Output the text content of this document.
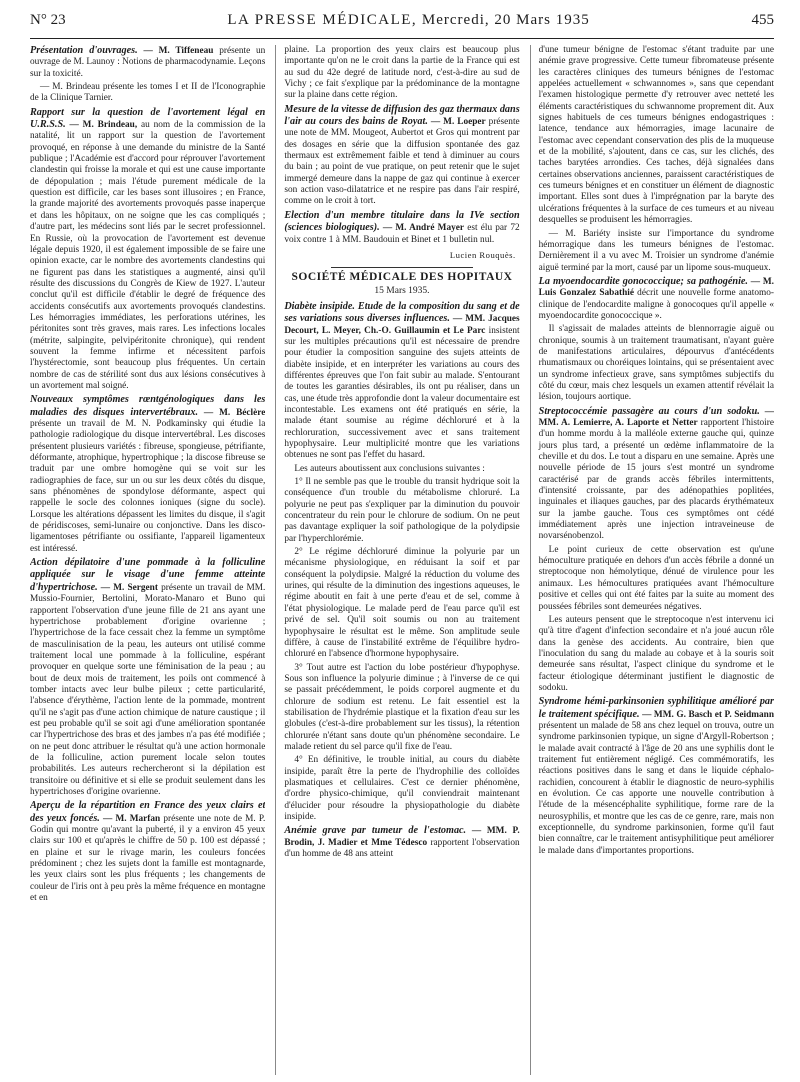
N° 23	LA PRESSE MÉDICALE, Mercredi, 20 Mars 1935	455

Présentation d'ouvrages. — M. Tiffeneau présente un ouvrage de M. Launoy : Notions de pharmacodynamie. Leçons sur la toxicité.

— M. Brindeau présente les tomes I et II de l'Iconographie de la Clinique Tarnier.

Rapport sur la question de l'avortement légal en U.R.S.S. — M. Brindeau, au nom de la commission de la natalité, lit un rapport sur la question de l'avortement provoqué, en réponse à une demande du ministre de la Santé publique ; l'Académie est d'accord pour réprouver l'avortement clandestin qui froisse la morale et qui est une cause importante de dépopulation ; mais l'étude purement médicale de la question est difficile, car les bases sont illusoires ; en France, la grande majorité des avortements provoqués passe inaperçue et dans les hôpitaux, on ne soigne que les cas compliqués ; d'autre part, les médecins sont liés par le secret professionnel. En Russie, où la provocation de l'avortement est devenue légale depuis 1920, il est également impossible de se faire une opinion exacte, car le nombre des avortements clandestins qui ne figurent pas dans les statistiques a augmenté, ainsi qu'il résulte des discussions du Congrès de Kiew de 1927. L'auteur conclut qu'il est difficile d'établir le degré de fréquence des accidents consécutifs aux avortements provoqués clandestins. Les hémorragies immédiates, les perforations utérines, les péritonites sont très graves, mais rares. Les infections locales (métrite, salpingite, pelvipéritonite chronique), qui rendent souvent la femme infirme et nécessitent parfois l'hystérectomie, sont beaucoup plus fréquentes. Un certain nombre de cas de stérilité sont dus aux lésions consécutives à un avortement mal soigné.

Nouveaux symptômes rœntgénologiques dans les maladies des disques intervertébraux. — M. Béclère présente un travail de M. N. Podkaminsky qui étudie la pathologie radiologique du disque intervertébral. Les discoses présentent plusieurs variétés : fibreuse, spongieuse, pétrifiante, déformante, atrophique, hypertrophique ; la discose fibreuse se traduit par une ombre homogène qui se voit sur les radiographies de face, sur un ou sur les deux côtés du disque, sans phénomènes de spondylose déformante, aspect qui rappelle le socle des colonnes ioniques (signe du socle). Lorsque les altérations dépassent les limites du disque, il s'agit de péridiscoses, semi-lunaire ou conjonctive. Dans les disco-ligamentoses pétrifiante ou ossifiante, l'appareil ligamenteux est intéressé.

Action dépilatoire d'une pommade à la folliculine appliquée sur le visage d'une femme atteinte d'hypertrichose. — M. Sergent présente un travail de MM. Mussio-Fournier, Bertolini, Morato-Manaro et Buno qui rapportent l'observation d'une jeune fille de 21 ans ayant une hypertrichose probablement d'origine ovarienne ; l'hypertrichose de la face cessait chez la femme un symptôme de masculinisation de la peau, les auteurs ont utilisé comme traitement local une pommade à la folliculine, espérant provoquer en quelque sorte une féminisation de la peau ; au bout de deux mois de traitement, les poils ont commencé à tomber intacts avec leur bulbe pileux ; cette particularité, l'absence d'érythème, l'action lente de la pommade, montrent qu'il ne s'agit pas d'une action chimique de nature caustique ; il est peu probable qu'il se soit agi d'une amélioration spontanée car l'hypertrichose des bras et des jambes n'a pas été modifiée ; on ne peut donc attribuer le résultat qu'à une action hormonale de la folliculine, action purement locale selon toutes probabilités. Les auteurs rechercheront si la dépilation est transitoire ou définitive et si elle se produit seulement dans les hypertrichoses d'origine ovarienne.

Aperçu de la répartition en France des yeux clairs et des yeux foncés. — M. Marfan présente une note de M. P. Godin qui montre qu'avant la puberté, il y a environ 45 yeux clairs sur 100 et qu'après le chiffre de 50 p. 100 est dépassé ; en plaine et sur le rivage marin, les couleurs foncées prédominent ; chez les sujets dont la famille est montagnarde, les yeux clairs sont les plus fréquents ; les changements de couleur de l'iris ont à peu près la même fréquence en montagne et en

plaine. La proportion des yeux clairs est beaucoup plus importante qu'on ne le croit dans la partie de la France qui est au sud du 42e degré de latitude nord, c'est-à-dire au sud de Vichy ; ce fait s'explique par la prédominance de la montagne sur la plaine dans cette région.

Mesure de la vitesse de diffusion des gaz thermaux dans l'air au cours des bains de Royat. — M. Loeper présente une note de MM. Mougeot, Aubertot et Gros qui montrent par des dosages en série que la diffusion spontanée des gaz thermaux est extrêmement faible et tend à diminuer au cours du bain ; au point de vue pratique, on peut retenir que le sujet immergé demeure dans la nappe de gaz qui continue à exercer son action vaso-dilatatrice et ne respire pas dans l'air respiré, comme on le croit à tort.

Election d'un membre titulaire dans la IVe section (sciences biologiques). — M. André Mayer est élu par 72 voix contre 1 à MM. Baudouin et Binet et 1 bulletin nul.

Lucien Rouquès.
SOCIÉTÉ MÉDICALE DES HOPITAUX
15 Mars 1935.

Diabète insipide. Etude de la composition du sang et de ses variations sous diverses influences. — MM. Jacques Decourt, L. Meyer, Ch.-O. Guillaumin et Le Parc insistent sur les multiples précautions qu'il est nécessaire de prendre pour étudier la composition sanguine des sujets atteints de diabète insipide, et en interpréter les variations au cours des différentes épreuves que l'on fait subir au malade. S'entourant de toutes les garanties désirables, ils ont pu réaliser, dans un cas, une étude très approfondie dont la valeur documentaire est incontestable. Les examens ont été pratiqués en série, la malade étant soumise au régime déchloruré et à la rechloruration, successivement avec et sans traitement hypophysaire. Leur multiplicité montre que les variations obtenues ne sont pas l'effet du hasard.

Les auteurs aboutissent aux conclusions suivantes :

1° Il ne semble pas que le trouble du transit hydrique soit la conséquence d'un trouble du métabolisme chloruré. La polyurie ne peut pas s'expliquer par la diminution du pouvoir concentrateur du rein pour le chlorure de sodium. On ne peut pas davantage expliquer la soif pathologique de la polydipsie par l'hyperchlorémie.

2° Le régime déchloruré diminue la polyurie par un mécanisme physiologique, en réduisant la soif et par conséquent la polydipsie. Malgré la réduction du volume des urines, qui résulte de la diminution des ingestions aqueuses, le régime aboutit en fait à une perte d'eau et de sel, comme à l'état physiologique. Le malade perd de l'eau parce qu'il est privé de sel. Qu'il soit soumis ou non au traitement hypophysaire le résultat est le même. Son amplitude seule diffère, à cause de l'instabilité extrême de l'équilibre hydro-chloruré en l'absence d'hormone hypophysaire.

3° Tout autre est l'action du lobe postérieur d'hypophyse. Sous son influence la polyurie diminue ; à l'inverse de ce qui se passait précédemment, le poids corporel augmente et du chlorure de sodium est retenu. Le fait essentiel est la stabilisation de l'hydrémie plastique et la fixation d'eau sur les globules (c'est-à-dire probablement sur les tissus), la rétention chlorurée n'étant sans doute qu'un phénomène secondaire. Le malade retient du sel parce qu'il fixe de l'eau.

4° En définitive, le trouble initial, au cours du diabète insipide, paraît être la perte de l'hydrophilie des colloïdes plasmatiques et cellulaires. C'est ce dernier phénomène, d'ordre physico-chimique, qu'il conviendrait maintenant d'élucider pour résoudre la physiopathologie du diabète insipide.

Anémie grave par tumeur de l'estomac. — MM. P. Brodin, J. Madier et Mme Tédesco rapportent l'observation d'un homme de 48 ans atteint

d'une tumeur bénigne de l'estomac s'étant traduite par une anémie grave progressive. Cette tumeur fibromateuse présente les caractères cliniques des tumeurs bénignes de l'estomac appelées actuellement « schwannomes », sans que cependant l'examen histologique permette d'y retrouver avec netteté les éléments caractéristiques du schwannome proprement dit. Aux signes habituels de ces tumeurs bénignes endogastriques : latence, tendance aux hémorragies, image lacunaire de l'estomac avec cependant conservation des plis de la muqueuse et de la mobilité, s'ajoutent, dans ce cas, sur les clichés, des taches barytées arrondies. Ces taches, déjà signalées dans certaines observations anciennes, paraissent caractéristiques de ces tumeurs bénignes et en constituer un élément de diagnostic important. Elles sont dues à l'imprégnation par la baryte des ulcérations fréquentes à la surface de ces tumeurs et au niveau desquelles se produisent les hémorragies.

— M. Bariéty insiste sur l'importance du syndrome hémorragique dans les tumeurs bénignes de l'estomac. Dernièrement il a vu avec M. Troisier un syndrome d'anémie aiguë terminé par la mort, causé par un lipome sous-muqueux.

La myoendocardite gonococcique; sa pathogénie. — M. Luis Gonzalez Sabathié décrit une nouvelle forme anatomo-clinique de l'endocardite maligne à gonocoques qu'il appelle « myoendocardite gonococcique ».

Il s'agissait de malades atteints de blennorragie aiguë ou chronique, soumis à un traitement traumatisant, n'ayant guère de manifestations articulaires, dépourvus d'antécédents rhumatismaux ou choréiques lointains, qui se présentaient avec un syndrome infectieux grave, sans symptômes subjectifs du côté du cœur, mais chez lesquels un examen attentif révélait la lésion, toujours aortique.

Streptococcémie passagère au cours d'un sodoku. — MM. A. Lemierre, A. Laporte et Netter rapportent l'histoire d'un homme mordu à la malléole externe gauche qui, quinze jours plus tard, a présenté un œdème inflammatoire de la cheville et du dos. Le tout a disparu en une semaine. Après une nouvelle période de 15 jours s'est montré un syndrome caractérisé par de grands accès fébriles intermittents, d'intensité croissante, par des adénopathies poplitées, inguinales et iliaques gauches, par des placards érythémateux sur la jambe gauche. Tous ces symptômes ont cédé immédiatement après une injection intraveineuse de novarsénobenzol.

Le point curieux de cette observation est qu'une hémoculture pratiquée en dehors d'un accès fébrile a donné un streptocoque non hémolytique, dénué de virulence pour les animaux. Les hémocultures pratiquées avant l'hémoculture positive et celles qui ont été faites par la suite au moment des poussées fébriles sont demeurées négatives.

Les auteurs pensent que le streptocoque n'est intervenu ici qu'à titre d'agent d'infection secondaire et n'a joué aucun rôle dans la genèse des accidents. Au contraire, bien que l'inoculation du sang du malade au cobaye et à la souris soit demeurée sans résultat, l'aspect clinique du syndrome et le facteur étiologique déterminant justifient le diagnostic de sodoku.

Syndrome hémi-parkinsonien syphilitique amélioré par le traitement spécifique. — MM. G. Basch et P. Seidmann présentent un malade de 58 ans chez lequel on trouva, outre un syndrome parkinsonien typique, un signe d'Argyll-Robertson ; le malade avait contracté à l'âge de 20 ans une syphilis dont le traitement fut entièrement négligé. Ces commémoratifs, les réactions positives dans le sang et dans le liquide céphalo-rachidien, concourent à établir le diagnostic de neuro-syphilis en évolution. Ce cas apporte une nouvelle contribution à l'étude de la mésencéphalite syphilitique, forme rare de la neurosyphilis, et montre que les cas de ce genre, rare, mais non exceptionnelle, du syndrome parkinsonien, forme qu'il faut bien connaître, car le traitement antisyphilitique peut améliorer le malade dans d'importantes proportions.
